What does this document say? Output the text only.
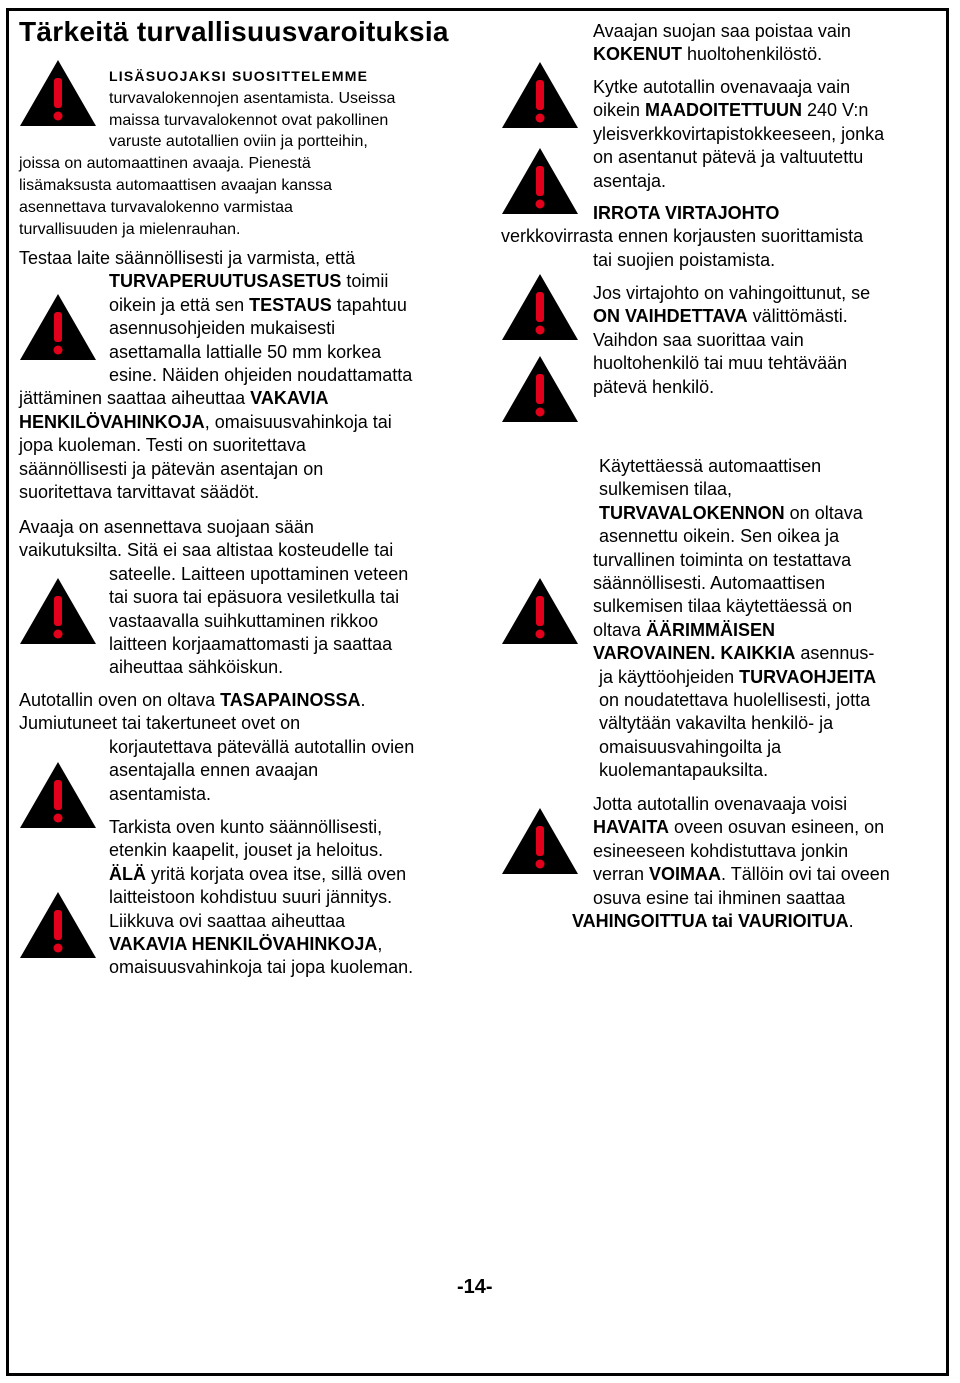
Tärkeitä turvallisuusvaroituksia
LISÄSUOJAKSI SUOSITTELEMME
turvavalokennojen asentamista. Useissa
maissa turvavalokennot ovat pakollinen
varuste autotallien oviin ja portteihin,
joissa on automaattinen avaaja. Pienestä
lisämaksusta automaattisen avaajan kanssa
asennettava turvavalokenno varmistaa
turvallisuuden ja mielenrauhan.
Testaa laite säännöllisesti ja varmista, että
TURVAPERUUTUSASETUS toimii
oikein ja että sen TESTAUS tapahtuu
asennusohjeiden mukaisesti
asettamalla lattialle 50 mm korkea
esine. Näiden ohjeiden noudattamatta
jättäminen saattaa aiheuttaa VAKAVIA
HENKILÖVAHINKOJA, omaisuusvahinkoja tai
jopa kuoleman. Testi on suoritettava
säännöllisesti ja pätevän asentajan on
suoritettava tarvittavat säädöt.
Avaaja on asennettava suojaan sään
vaikutuksilta. Sitä ei saa altistaa kosteudelle tai
sateelle. Laitteen upottaminen veteen
tai suora tai epäsuora vesiletkulla tai
vastaavalla suihkuttaminen rikkoo
laitteen korjaamattomasti ja saattaa
aiheuttaa sähköiskun.
Autotallin oven on oltava TASAPAINOSSA.
Jumiutuneet tai takertuneet ovet on
korjautettava pätevällä autotallin ovien
asentajalla ennen avaajan
asentamista.
Tarkista oven kunto säännöllisesti,
etenkin kaapelit, jouset ja heloitus.
ÄLÄ yritä korjata ovea itse, sillä oven
laitteistoon kohdistuu suuri jännitys.
Liikkuva ovi saattaa aiheuttaa
VAKAVIA HENKILÖVAHINKOJA,
omaisuusvahinkoja tai jopa kuoleman.
Avaajan suojan saa poistaa vain
KOKENUT huoltohenkilöstö.
Kytke autotallin ovenavaaja vain
oikein MAADOITETTUUN 240 V:n
yleisverkkovirtapistokkeeseen, jonka
on asentanut pätevä ja valtuutettu
asentaja.
IRROTA VIRTAJOHTO
verkkovirrasta ennen korjausten suorittamista
tai suojien poistamista.
Jos virtajohto on vahingoittunut, se
ON VAIHDETTAVA välittömästi.
Vaihdon saa suorittaa vain
huoltohenkilö tai muu tehtävään
pätevä henkilö.
Käytettäessä automaattisen
sulkemisen tilaa,
TURVAVALOKENNON on oltava
asennettu oikein. Sen oikea ja
turvallinen toiminta on testattava
säännöllisesti. Automaattisen
sulkemisen tilaa käytettäessä on
oltava ÄÄRIMMÄISEN
VAROVAINEN. KAIKKIA asennus-
ja käyttöohjeiden TURVAOHJEITA
on noudatettava huolellisesti, jotta
vältytään vakavilta henkilö- ja
omaisuusvahingoilta ja
kuolemantapauksilta.
Jotta autotallin ovenavaaja voisi
HAVAITA oveen osuvan esineen, on
esineeseen kohdistuttava jonkin
verran VOIMAA. Tällöin ovi tai oveen
osuva esine tai ihminen saattaa
VAHINGOITTUA tai VAURIOITUA.

-14-
